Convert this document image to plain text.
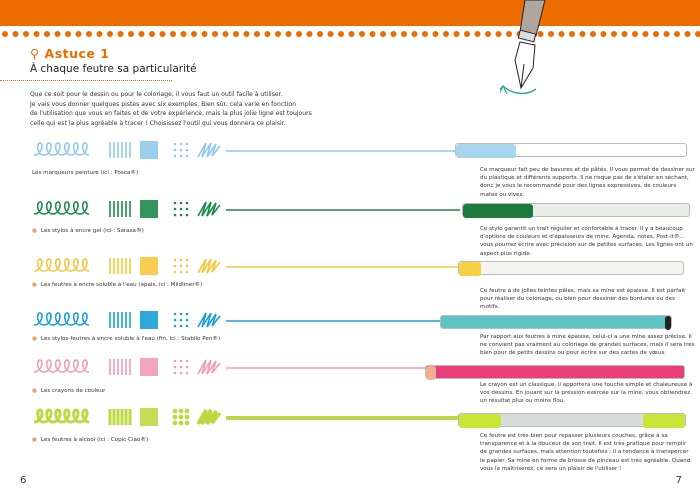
⚲ Astuce 1
À chaque feutre sa particularité
Que ce soit pour le dessin ou pour le coloriage, il vous faut un outil facile à utiliser.
Je vais vous donner quelques pistes avec six exemples. Bien sûr, cela varie en fonction
de l'utilisation que vous en faites et de votre expérience, mais la plus jolie ligne est toujours
celle qui est la plus agréable à tracer ! Choisissez l'outil qui vous donnera ce plaisir.
Les marqueurs peinture (ici : Posca®)	Ce marqueur fait peu de bavures et de pâtés. Il vous permet de dessiner sur du plastique et différents supports. Il ne risque pas de s'étaler en séchant, donc je vous le recommande pour des lignes expressives, de couleurs mates ou vives.
● Les stylos à encre gel (ici : Sarasa®)	Ce stylo garantit un trait régulier et confortable à tracer. Il y a beaucoup d'options de couleurs et d'épaisseurs de mine. Agenda, notes, Post-it®... vous pourrez écrire avec précision sur de petites surfaces. Les lignes ont un aspect plus rigide.
● Les feutres à encre soluble à l'eau (épais, ici : Mildliner®)
Ce feutre a de jolies teintes pâles, mais sa mine est épaisse. Il est parfait pour réaliser du coloriage, ou bien pour dessiner des bordures ou des motifs.
● Les stylos-feutres à encre soluble à l'eau (fin, ici : Stabilo Pen®)	Par rapport aux feutres à mine épaisse, celui-ci a une mine assez précise. Il ne convient pas vraiment au coloriage de grandes surfaces, mais il sera très bien pour de petits dessins ou pour écrire sur des cartes de vœux.
● Les crayons de couleur
Le crayon est un classique, il apportera une touche simple et chaleureuse à vos dessins. En jouant sur la pression exercée sur la mine, vous obtiendrez un résultat plus ou moins flou.
● Les feutres à alcool (ici : Copic Ciao®)
Ce feutre est très bien pour repasser plusieurs couches, grâce à sa transparence et à la douceur de son trait. Il est très pratique pour remplir de grandes surfaces, mais attention toutefois : il a tendance à transpercer le papier. Sa mine en forme de brosse de pinceau est très agréable. Quand vous la maîtriserez, ce sera un plaisir de l'utiliser !
6	7
